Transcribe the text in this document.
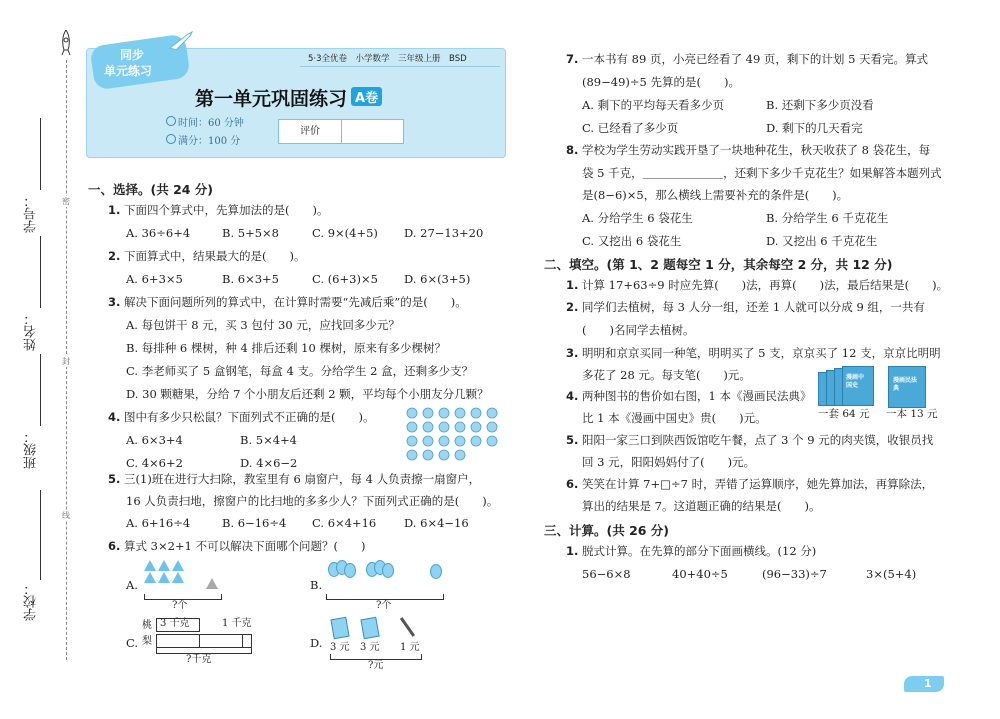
密
封
线
学号：
姓名：
班级：
学校：
同步
单元练习
5·3全优卷　小学数学　三年级上册　BSD
第一单元巩固练习 A卷
时间：60 分钟
满分：100 分
评价
一、选择。(共 24 分)
1. 下面四个算式中，先算加法的是(　　)。
A. 36÷6+4	B. 5+5×8	C. 9×(4+5) D. 27−13+20
2. 下面算式中，结果最大的是(　　)。
A. 6+3×5	B. 6×3+5	C. (6+3)×5 D. 6×(3+5)
3. 解决下面问题所列的算式中，在计算时需要“先减后乘”的是(　　)。
A. 每包饼干 8 元，买 3 包付 30 元，应找回多少元？
B. 每排种 6 棵树，种 4 排后还剩 10 棵树，原来有多少棵树？
C. 李老师买了 5 盒钢笔，每盒 4 支。分给学生 2 盒，还剩多少支？
D. 30 颗糖果，分给 7 个小朋友后还剩 2 颗，平均每个小朋友分几颗？
4. 图中有多少只松鼠？下面列式不正确的是(　　)。
A. 6×3+4	B. 5×4+4
C. 4×6+2	D. 4×6−2
5. 三(1)班在进行大扫除，教室里有 6 扇窗户，每 4 人负责擦一扇窗户，
16 人负责扫地，擦窗户的比扫地的多多少人？下面列式正确的是(　　)。
A. 6+16÷4	B. 6−16÷4 C. 6×4+16 D. 6×4−16
6. 算式 3×2+1 不可以解决下面哪个问题？(　　)
A.
?个
B.
?个
C.
桃
梨
3 千克	1 千克
?千克
D. 3 元 3 元 1 元
?元
7. 一本书有 89 页，小亮已经看了 49 页，剩下的计划 5 天看完。算式
(89−49)÷5 先算的是(　　)。
A. 剩下的平均每天看多少页	B. 还剩下多少页没看
C. 已经看了多少页	D. 剩下的几天看完
8. 学校为学生劳动实践开垦了一块地种花生，秋天收获了 8 袋花生，每
袋 5 千克，＿＿＿＿＿＿＿，还剩下多少千克花生？如果解答本题列式
是(8−6)×5，那么横线上需要补充的条件是(　　)。
A. 分给学生 6 袋花生	B. 分给学生 6 千克花生
C. 又挖出 6 袋花生	D. 又挖出 6 千克花生
二、填空。(第 1、2 题每空 1 分，其余每空 2 分，共 12 分)
1. 计算 17+63÷9 时应先算(　　)法，再算(　　)法，最后结果是(　　)。
2. 同学们去植树，每 3 人分一组，还差 1 人就可以分成 9 组，一共有
(　　)名同学去植树。
3. 明明和京京买同一种笔，明明买了 5 支，京京买了 12 支，京京比明明
多花了 28 元。每支笔(　　)元。
4. 两种图书的售价如右图，1 本《漫画民法典》
比 1 本《漫画中国史》贵(　　)元。
漫画中国史
漫画民法典
一套 64 元 一本 13 元
5. 阳阳一家三口到陕西饭馆吃午餐，点了 3 个 9 元的肉夹馍，收银员找
回 3 元，阳阳妈妈付了(　　)元。
6. 笑笑在计算 7+□÷7 时，弄错了运算顺序，她先算加法，再算除法，
算出的结果是 7。这道题正确的结果是(　　)。
三、计算。(共 26 分)
1. 脱式计算。在先算的部分下面画横线。(12 分)
56−6×8	40+40÷5	(96−33)÷7	3×(5+4)
1
